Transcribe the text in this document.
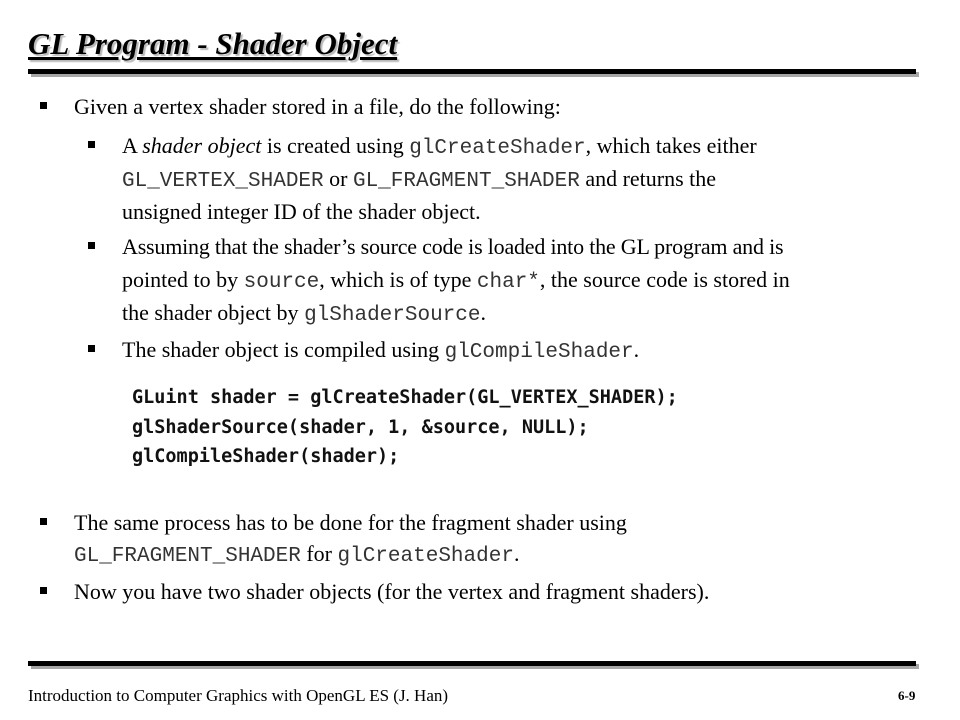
GL Program - Shader Object
Given a vertex shader stored in a file, do the following:
A shader object is created using glCreateShader, which takes either
GL_VERTEX_SHADER or GL_FRAGMENT_SHADER and returns the
unsigned integer ID of the shader object.
Assuming that the shader’s source code is loaded into the GL program and is
pointed to by source, which is of type char*, the source code is stored in
the shader object by glShaderSource.
The shader object is compiled using glCompileShader.
GLuint shader = glCreateShader(GL_VERTEX_SHADER);
glShaderSource(shader, 1, &source, NULL);
glCompileShader(shader);
The same process has to be done for the fragment shader using
GL_FRAGMENT_SHADER for glCreateShader.
Now you have two shader objects (for the vertex and fragment shaders).
Introduction to Computer Graphics with OpenGL ES (J. Han)	6-9
